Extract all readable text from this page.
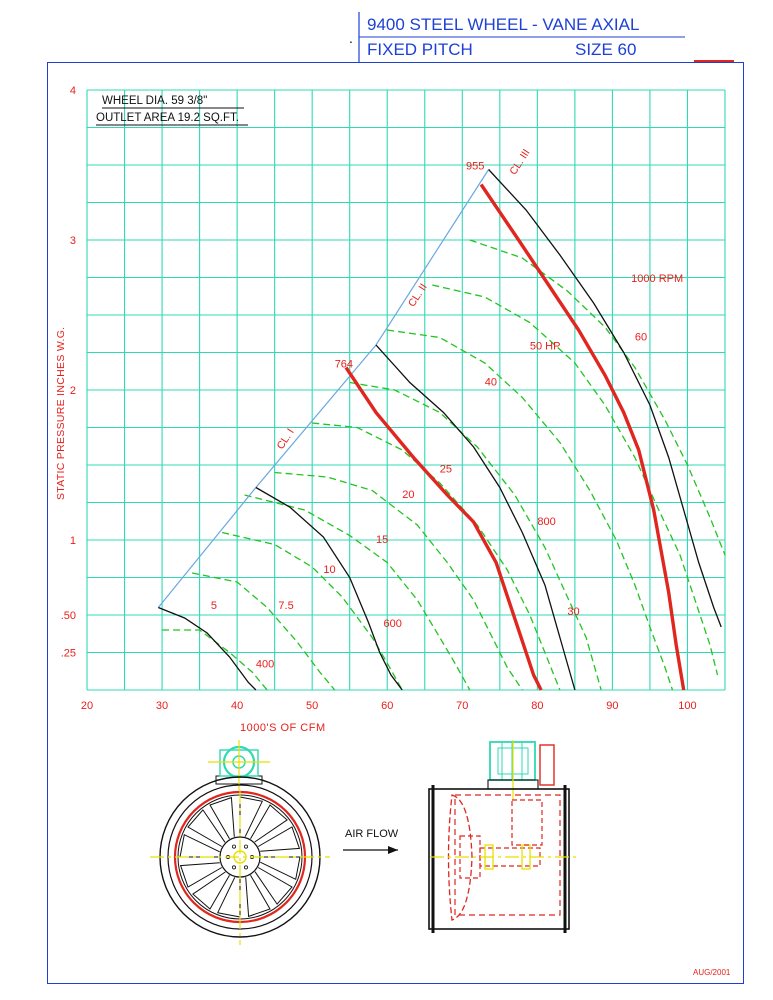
.
9400 STEEL WHEEL - VANE AXIAL
FIXED PITCH	SIZE 60
5	7.5
10
15
20
25
30
40
50 HP
60
CL. I
CL. II
CL. III
400
600
764
800
955
1000 RPM
20	30	40	50	60	70	80	90	100
4
3
2
1
.50
.25
1000'S OF CFM
STATIC PRESSURE INCHES W.G.
WHEEL DIA. 59 3/8"
OUTLET AREA 19.2 SQ.FT.
AIR FLOW
AUG/2001
